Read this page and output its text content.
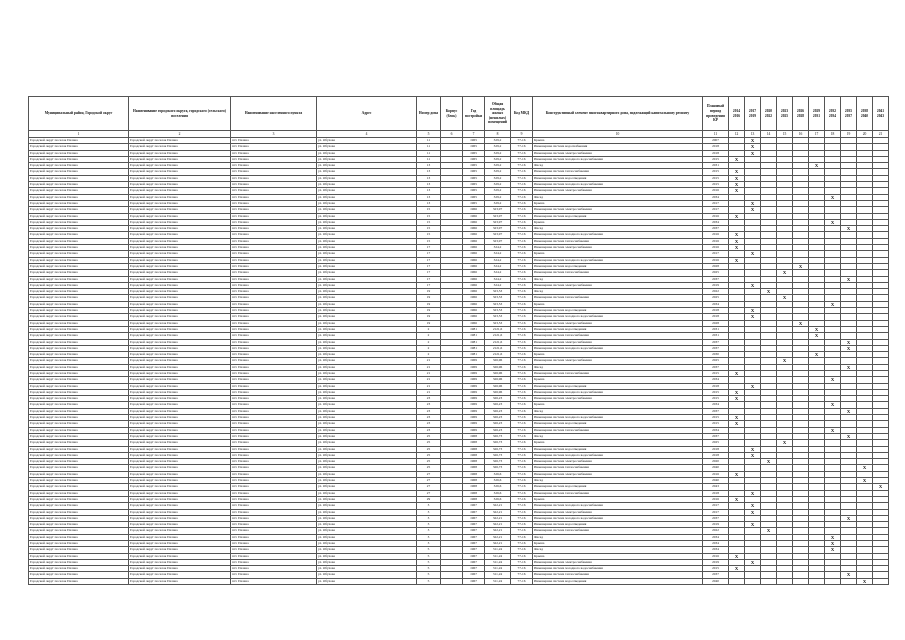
Муниципальный район, Городской округ	Наименование городского округа, городского (сельского) поселения	Наименование населенного пункта	Адрес	Номер дома	Корпус (блок)	Год постройки	Общая площадь жилых (нежилых) помещений	Код МКД	Конструктивный элемент многоквартирного дома, подлежащий капитальному ремонту	Плановый период проведения КР	2014 2016	2017 2019	2020 2022	2023 2025	2026 2028	2029 2031	2032 2034	2035 2037	2038 2040	2041 2043
1	2	3	4	5	6	7	8	9	10	11	12	13	14	15	16	17	18	19	20	21
Городской округ поселок Палана	Городской округ поселок Палана	пгт. Палана	ул. Обухова	11		1965	329,2	77-16	Крыша	2007		X								
Городской округ поселок Палана	Городской округ поселок Палана	пгт. Палана	ул. Обухова	11		1965	329,2	77-16	Инженерная система водоснабжения	2018		X								
Городской округ поселок Палана	Городской округ поселок Палана	пгт. Палана	ул. Обухова	11		1965	329,2	77-16	Инженерная система электроснабжения	2018		X								
Городской округ поселок Палана	Городской округ поселок Палана	пгт. Палана	ул. Обухова	11		1965	329,2	77-16	Инженерная система холодного водоснабжения	2015	X									
Городской округ поселок Палана	Городской округ поселок Палана	пгт. Палана	ул. Обухова	13		1965	329,2	77-16	Фасад	2031						X				
Городской округ поселок Палана	Городской округ поселок Палана	пгт. Палана	ул. Обухова	13		1965	329,2	77-16	Инженерная система теплоснабжения	2015	X									
Городской округ поселок Палана	Городской округ поселок Палана	пгт. Палана	ул. Обухова	13		1965	329,2	77-16	Инженерная система водоотведения	2015	X									
Городской округ поселок Палана	Городской округ поселок Палана	пгт. Палана	ул. Обухова	13		1965	329,2	77-16	Инженерная система холодного водоснабжения	2015	X									
Городской округ поселок Палана	Городской округ поселок Палана	пгт. Палана	ул. Обухова	13		1965	329,2	77-16	Инженерная система электроснабжения	2016	X									
Городской округ поселок Палана	Городской округ поселок Палана	пгт. Палана	ул. Обухова	13		1965	329,2	77-16	Фасад	2034							X			
Городской округ поселок Палана	Городской округ поселок Палана	пгт. Палана	ул. Обухова	13		1965	329,2	77-16	Крыша	2017		X								
Городской округ поселок Палана	Городской округ поселок Палана	пгт. Палана	ул. Обухова	15		1966	323,97	77-16	Инженерная система электроснабжения	2017		X								
Городской округ поселок Палана	Городской округ поселок Палана	пгт. Палана	ул. Обухова	15		1966	323,97	77-16	Инженерная система водоотведения	2016	X									
Городской округ поселок Палана	Городской округ поселок Палана	пгт. Палана	ул. Обухова	15		1966	323,97	77-16	Крыша	2034							X			
Городской округ поселок Палана	Городской округ поселок Палана	пгт. Палана	ул. Обухова	15		1966	323,97	77-16	Фасад	2037								X		
Городской округ поселок Палана	Городской округ поселок Палана	пгт. Палана	ул. Обухова	15		1966	323,97	77-16	Инженерная система холодного водоснабжения	2016	X									
Городской округ поселок Палана	Городской округ поселок Палана	пгт. Палана	ул. Обухова	15		1966	323,97	77-16	Инженерная система теплоснабжения	2016	X									
Городской округ поселок Палана	Городской округ поселок Палана	пгт. Палана	ул. Обухова	17		1966	324,2	77-16	Инженерная система электроснабжения	2016	X									
Городской округ поселок Палана	Городской округ поселок Палана	пгт. Палана	ул. Обухова	17		1966	324,2	77-16	Крыша	2017		X								
Городской округ поселок Палана	Городской округ поселок Палана	пгт. Палана	ул. Обухова	17		1966	324,2	77-16	Инженерная система холодного водоснабжения	2016	X									
Городской округ поселок Палана	Городской округ поселок Палана	пгт. Палана	ул. Обухова	17		1966	324,2	77-16	Инженерная система водоотведения	2028					X					
Городской округ поселок Палана	Городской округ поселок Палана	пгт. Палана	ул. Обухова	17		1966	324,2	77-16	Инженерная система теплоснабжения	2025				X						
Городской округ поселок Палана	Городской округ поселок Палана	пгт. Палана	ул. Обухова	17		1966	324,2	77-16	Фасад	2037								X		
Городской округ поселок Палана	Городской округ поселок Палана	пгт. Палана	ул. Обухова	17		1966	324,2	77-16	Инженерная система электроснабжения	2019		X								
Городской округ поселок Палана	Городской округ поселок Палана	пгт. Палана	ул. Обухова	19		1966	323,53	77-16	Фасад	2022			X							
Городской округ поселок Палана	Городской округ поселок Палана	пгт. Палана	ул. Обухова	19		1966	323,53	77-16	Инженерная система теплоснабжения	2025				X						
Городской округ поселок Палана	Городской округ поселок Палана	пгт. Палана	ул. Обухова	19		1966	323,53	77-16	Крыша	2034							X			
Городской округ поселок Палана	Городской округ поселок Палана	пгт. Палана	ул. Обухова	19		1966	323,53	77-16	Инженерная система водоотведения	2018		X								
Городской округ поселок Палана	Городской округ поселок Палана	пгт. Палана	ул. Обухова	19		1966	323,53	77-16	Инженерная система холодного водоснабжения	2018		X								
Городской округ поселок Палана	Городской округ поселок Палана	пгт. Палана	ул. Обухова	19		1966	323,53	77-16	Инженерная система электроснабжения	2028					X					
Городской округ поселок Палана	Городской округ поселок Палана	пгт. Палана	ул. Обухова	2		1981	2121,6	77-16	Инженерная система водоотведения	2031						X				
Городской округ поселок Палана	Городской округ поселок Палана	пгт. Палана	ул. Обухова	2		1981	2121,6	77-16	Инженерная система теплоснабжения	2031						X				
Городской округ поселок Палана	Городской округ поселок Палана	пгт. Палана	ул. Обухова	2		1981	2121,6	77-16	Инженерная система электроснабжения	2037								X		
Городской округ поселок Палана	Городской округ поселок Палана	пгт. Палана	ул. Обухова	2		1981	2121,6	77-16	Инженерная система холодного водоснабжения	2037								X		
Городской округ поселок Палана	Городской округ поселок Палана	пгт. Палана	ул. Обухова	2		1981	2121,6	77-16	Крыша	2030						X				
Городской округ поселок Палана	Городской округ поселок Палана	пгт. Палана	ул. Обухова	21		1969	326,96	77-16	Инженерная система электроснабжения	2025				X						
Городской округ поселок Палана	Городской округ поселок Палана	пгт. Палана	ул. Обухова	21		1969	326,96	77-16	Фасад	2037								X		
Городской округ поселок Палана	Городской округ поселок Палана	пгт. Палана	ул. Обухова	21		1969	326,96	77-16	Инженерная система теплоснабжения	2015	X									
Городской округ поселок Палана	Городской округ поселок Палана	пгт. Палана	ул. Обухова	21		1969	326,96	77-16	Крыша	2034							X			
Городской округ поселок Палана	Городской округ поселок Палана	пгт. Палана	ул. Обухова	21		1969	326,96	77-16	Инженерная система водоотведения	2018		X								
Городской округ поселок Палана	Городской округ поселок Палана	пгт. Палана	ул. Обухова	21		1969	326,96	77-16	Инженерная система холодного водоснабжения	2015	X									
Городской округ поселок Палана	Городской округ поселок Палана	пгт. Палана	ул. Обухова	23		1969	326,23	77-16	Инженерная система электроснабжения	2015	X									
Городской округ поселок Палана	Городской округ поселок Палана	пгт. Палана	ул. Обухова	23		1969	326,23	77-16	Крыша	2034							X			
Городской округ поселок Палана	Городской округ поселок Палана	пгт. Палана	ул. Обухова	23		1969	326,23	77-16	Фасад	2037								X		
Городской округ поселок Палана	Городской округ поселок Палана	пгт. Палана	ул. Обухова	23		1969	326,23	77-16	Инженерная система холодного водоснабжения	2015	X									
Городской округ поселок Палана	Городской округ поселок Палана	пгт. Палана	ул. Обухова	23		1969	326,23	77-16	Инженерная система водоотведения	2015	X									
Городской округ поселок Палана	Городской округ поселок Палана	пгт. Палана	ул. Обухова	23		1969	326,23	77-16	Инженерная система теплоснабжения	2034							X			
Городской округ поселок Палана	Городской округ поселок Палана	пгт. Палана	ул. Обухова	25		1968	326,73	77-16	Фасад	2037								X		
Городской округ поселок Палана	Городской округ поселок Палана	пгт. Палана	ул. Обухова	25		1968	326,73	77-16	Крыша	2025				X						
Городской округ поселок Палана	Городской округ поселок Палана	пгт. Палана	ул. Обухова	25		1968	326,73	77-16	Инженерная система водоотведения	2018		X								
Городской округ поселок Палана	Городской округ поселок Палана	пгт. Палана	ул. Обухова	25		1968	326,73	77-16	Инженерная система холодного водоснабжения	2018		X								
Городской округ поселок Палана	Городской округ поселок Палана	пгт. Палана	ул. Обухова	25		1968	326,73	77-16	Инженерная система электроснабжения	2020			X							
Городской округ поселок Палана	Городской округ поселок Палана	пгт. Палана	ул. Обухова	25		1968	326,73	77-16	Инженерная система теплоснабжения	2040									X	
Городской округ поселок Палана	Городской округ поселок Палана	пгт. Палана	ул. Обухова	27		1968	326,6	77-16	Инженерная система электроснабжения	2016	X									
Городской округ поселок Палана	Городской округ поселок Палана	пгт. Палана	ул. Обухова	27		1968	326,6	77-16	Фасад	2040									X	
Городской округ поселок Палана	Городской округ поселок Палана	пгт. Палана	ул. Обухова	27		1968	326,6	77-16	Инженерная система водоотведения	2043										X
Городской округ поселок Палана	Городской округ поселок Палана	пгт. Палана	ул. Обухова	27		1968	326,6	77-16	Инженерная система теплоснабжения	2018		X								
Городской округ поселок Палана	Городской округ поселок Палана	пгт. Палана	ул. Обухова	29		1968	326,6	77-16	Крыша	2016	X									
Городской округ поселок Палана	Городской округ поселок Палана	пгт. Палана	ул. Обухова	3		1967	322,21	77-16	Инженерная система холодного водоснабжения	2017		X								
Городской округ поселок Палана	Городской округ поселок Палана	пгт. Палана	ул. Обухова	3		1967	322,21	77-16	Инженерная система электроснабжения	2017		X								
Городской округ поселок Палана	Городской округ поселок Палана	пгт. Палана	ул. Обухова	3		1967	322,21	77-16	Инженерная система холодного водоснабжения	2037								X		
Городской округ поселок Палана	Городской округ поселок Палана	пгт. Палана	ул. Обухова	3		1967	322,21	77-16	Инженерная система водоотведения	2019		X								
Городской округ поселок Палана	Городской округ поселок Палана	пгт. Палана	ул. Обухова	3		1967	322,21	77-16	Инженерная система теплоснабжения	2022			X							
Городской округ поселок Палана	Городской округ поселок Палана	пгт. Палана	ул. Обухова	3		1967	322,21	77-16	Фасад	2034							X			
Городской округ поселок Палана	Городской округ поселок Палана	пгт. Палана	ул. Обухова	3		1967	322,21	77-16	Крыша	2034							X			
Городской округ поселок Палана	Городской округ поселок Палана	пгт. Палана	ул. Обухова	5		1967	311,24	77-16	Фасад	2034							X			
Городской округ поселок Палана	Городской округ поселок Палана	пгт. Палана	ул. Обухова	5		1967	311,24	77-16	Крыша	2016	X									
Городской округ поселок Палана	Городской округ поселок Палана	пгт. Палана	ул. Обухова	5		1967	311,24	77-16	Инженерная система электроснабжения	2019		X								
Городской округ поселок Палана	Городской округ поселок Палана	пгт. Палана	ул. Обухова	5		1967	311,24	77-16	Инженерная система холодного водоснабжения	2015	X									
Городской округ поселок Палана	Городской округ поселок Палана	пгт. Палана	ул. Обухова	5		1967	311,24	77-16	Инженерная система теплоснабжения	2037								X		
Городской округ поселок Палана	Городской округ поселок Палана	пгт. Палана	ул. Обухова	5		1967	311,24	77-16	Инженерная система водоотведения	2040									X	
